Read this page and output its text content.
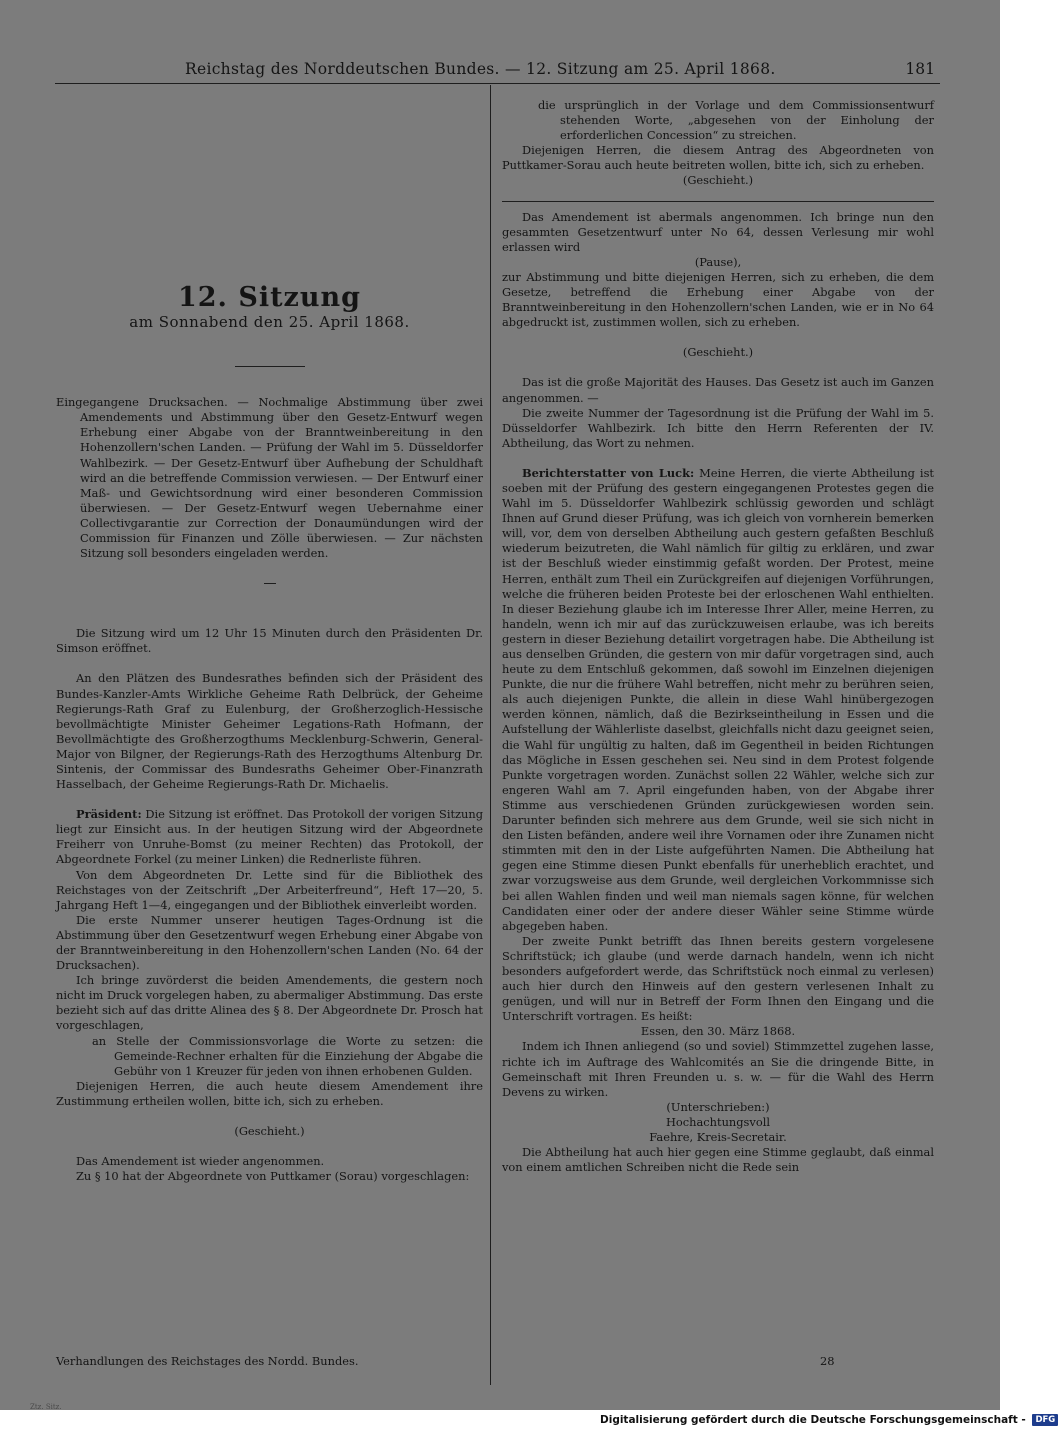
Reichstag des Norddeutschen Bundes. — 12. Sitzung am 25. April 1868.	181
12. Sitzung
am Sonnabend den 25. April 1868.
Eingegangene Drucksachen. — Nochmalige Abstimmung über zwei Amendements und Abstimmung über den Gesetz-Entwurf wegen Erhebung einer Abgabe von der Branntweinbereitung in den Hohenzollern'schen Landen. — Prüfung der Wahl im 5. Düsseldorfer Wahlbezirk. — Der Gesetz-Entwurf über Aufhebung der Schuldhaft wird an die betreffende Commission verwiesen. — Der Entwurf einer Maß- und Gewichtsordnung wird einer besonderen Commission überwiesen. — Der Gesetz-Entwurf wegen Uebernahme einer Collectivgarantie zur Correction der Donaumündungen wird der Commission für Finanzen und Zölle überwiesen. — Zur nächsten Sitzung soll besonders eingeladen werden.

Die Sitzung wird um 12 Uhr 15 Minuten durch den Präsidenten Dr. Simson eröffnet.

An den Plätzen des Bundesrathes befinden sich der Präsident des Bundes-Kanzler-Amts Wirkliche Geheime Rath Delbrück, der Geheime Regierungs-Rath Graf zu Eulenburg, der Großherzoglich-Hessische bevollmächtigte Minister Geheimer Legations-Rath Hofmann, der Bevollmächtigte des Großherzogthums Mecklenburg-Schwerin, General-Major von Bilgner, der Regierungs-Rath des Herzogthums Altenburg Dr. Sintenis, der Commissar des Bundesraths Geheimer Ober-Finanzrath Hasselbach, der Geheime Regierungs-Rath Dr. Michaelis.

Präsident: Die Sitzung ist eröffnet. Das Protokoll der vorigen Sitzung liegt zur Einsicht aus. In der heutigen Sitzung wird der Abgeordnete Freiherr von Unruhe-Bomst (zu meiner Rechten) das Protokoll, der Abgeordnete Forkel (zu meiner Linken) die Rednerliste führen.

Von dem Abgeordneten Dr. Lette sind für die Bibliothek des Reichstages von der Zeitschrift „Der Arbeiterfreund“, Heft 17—20, 5. Jahrgang Heft 1—4, eingegangen und der Bibliothek einverleibt worden.

Die erste Nummer unserer heutigen Tages-Ordnung ist die Abstimmung über den Gesetzentwurf wegen Erhebung einer Abgabe von der Branntweinbereitung in den Hohenzollern'schen Landen (No. 64 der Drucksachen).

Ich bringe zuvörderst die beiden Amendements, die gestern noch nicht im Druck vorgelegen haben, zu abermaliger Abstimmung. Das erste bezieht sich auf das dritte Alinea des § 8. Der Abgeordnete Dr. Prosch hat vorgeschlagen,

an Stelle der Commissionsvorlage die Worte zu setzen: die Gemeinde-Rechner erhalten für die Einziehung der Abgabe die Gebühr von 1 Kreuzer für jeden von ihnen erhobenen Gulden.

Diejenigen Herren, die auch heute diesem Amendement ihre Zustimmung ertheilen wollen, bitte ich, sich zu erheben.

(Geschieht.)

Das Amendement ist wieder angenommen.

Zu § 10 hat der Abgeordnete von Puttkamer (Sorau) vorgeschlagen:

die ursprünglich in der Vorlage und dem Commissionsentwurf stehenden Worte, „abgesehen von der Einholung der erforderlichen Concession“ zu streichen.

Diejenigen Herren, die diesem Antrag des Abgeordneten von Puttkamer-Sorau auch heute beitreten wollen, bitte ich, sich zu erheben.

(Geschieht.)

Das Amendement ist abermals angenommen. Ich bringe nun den gesammten Gesetzentwurf unter No 64, dessen Verlesung mir wohl erlassen wird

(Pause),

zur Abstimmung und bitte diejenigen Herren, sich zu erheben, die dem Gesetze, betreffend die Erhebung einer Abgabe von der Branntweinbereitung in den Hohenzollern'schen Landen, wie er in No 64 abgedruckt ist, zustimmen wollen, sich zu erheben.

(Geschieht.)

Das ist die große Majorität des Hauses. Das Gesetz ist auch im Ganzen angenommen. —

Die zweite Nummer der Tagesordnung ist die Prüfung der Wahl im 5. Düsseldorfer Wahlbezirk. Ich bitte den Herrn Referenten der IV. Abtheilung, das Wort zu nehmen.

Berichterstatter von Luck: Meine Herren, die vierte Abtheilung ist soeben mit der Prüfung des gestern eingegangenen Protestes gegen die Wahl im 5. Düsseldorfer Wahlbezirk schlüssig geworden und schlägt Ihnen auf Grund dieser Prüfung, was ich gleich von vornherein bemerken will, vor, dem von derselben Abtheilung auch gestern gefaßten Beschluß wiederum beizutreten, die Wahl nämlich für giltig zu erklären, und zwar ist der Beschluß wieder einstimmig gefaßt worden. Der Protest, meine Herren, enthält zum Theil ein Zurückgreifen auf diejenigen Vorführungen, welche die früheren beiden Proteste bei der erloschenen Wahl enthielten. In dieser Beziehung glaube ich im Interesse Ihrer Aller, meine Herren, zu handeln, wenn ich mir auf das zurückzuweisen erlaube, was ich bereits gestern in dieser Beziehung detailirt vorgetragen habe. Die Abtheilung ist aus denselben Gründen, die gestern von mir dafür vorgetragen sind, auch heute zu dem Entschluß gekommen, daß sowohl im Einzelnen diejenigen Punkte, die nur die frühere Wahl betreffen, nicht mehr zu berühren seien, als auch diejenigen Punkte, die allein in diese Wahl hinübergezogen werden können, nämlich, daß die Bezirkseintheilung in Essen und die Aufstellung der Wählerliste daselbst, gleichfalls nicht dazu geeignet seien, die Wahl für ungültig zu halten, daß im Gegentheil in beiden Richtungen das Mögliche in Essen geschehen sei. Neu sind in dem Protest folgende Punkte vorgetragen worden. Zunächst sollen 22 Wähler, welche sich zur engeren Wahl am 7. April eingefunden haben, von der Abgabe ihrer Stimme aus verschiedenen Gründen zurückgewiesen worden sein. Darunter befinden sich mehrere aus dem Grunde, weil sie sich nicht in den Listen befänden, andere weil ihre Vornamen oder ihre Zunamen nicht stimmten mit den in der Liste aufgeführten Namen. Die Abtheilung hat gegen eine Stimme diesen Punkt ebenfalls für unerheblich erachtet, und zwar vorzugsweise aus dem Grunde, weil dergleichen Vorkommnisse sich bei allen Wahlen finden und weil man niemals sagen könne, für welchen Candidaten einer oder der andere dieser Wähler seine Stimme würde abgegeben haben.

Der zweite Punkt betrifft das Ihnen bereits gestern vorgelesene Schriftstück; ich glaube (und werde darnach handeln, wenn ich nicht besonders aufgefordert werde, das Schriftstück noch einmal zu verlesen) auch hier durch den Hinweis auf den gestern verlesenen Inhalt zu genügen, und will nur in Betreff der Form Ihnen den Eingang und die Unterschrift vortragen. Es heißt:

Essen, den 30. März 1868.

Indem ich Ihnen anliegend (so und soviel) Stimmzettel zugehen lasse, richte ich im Auftrage des Wahlcomités an Sie die dringende Bitte, in Gemeinschaft mit Ihren Freunden u. s. w. — für die Wahl des Herrn Devens zu wirken.

(Unterschrieben:)

Hochachtungsvoll

Faehre, Kreis-Secretair.

Die Abtheilung hat auch hier gegen eine Stimme geglaubt, daß einmal von einem amtlichen Schreiben nicht die Rede sein

Verhandlungen des Reichstages des Nordd. Bundes.	28
Ztz. Sitz.
Digitalisierung gefördert durch die Deutsche Forschungsgemeinschaft - DFG
